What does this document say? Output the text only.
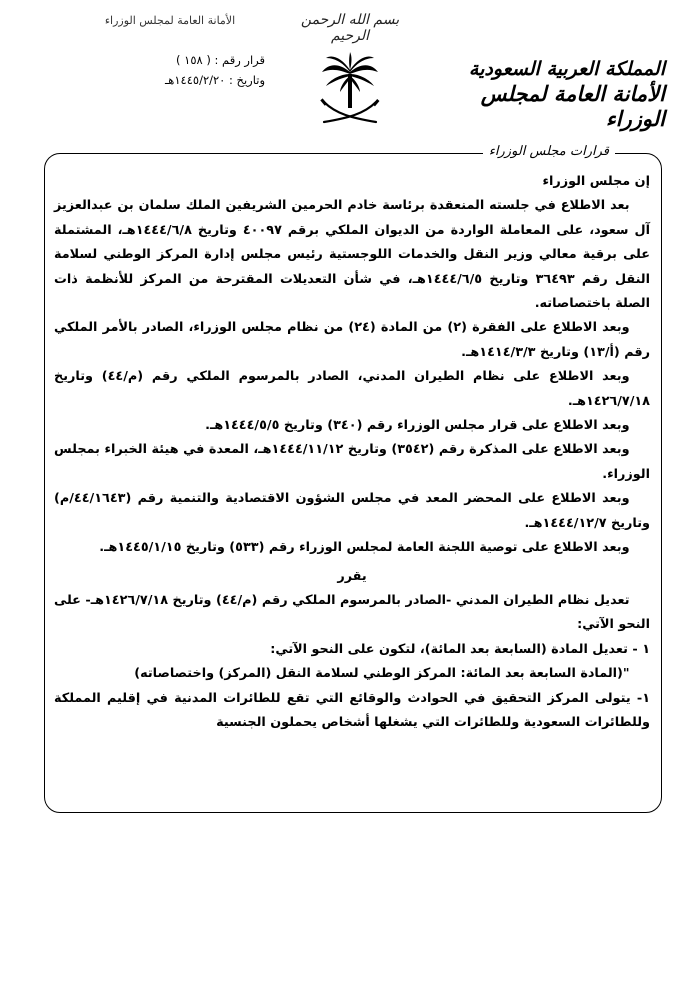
الأمانة العامة لمجلس الوزراء	بسم الله الرحمن الرحيم
المملكة العربية السعودية
الأمانة العامة لمجلس الوزراء
قرار رقم : ( ١٥٨ )
وتاريخ : ١٤٤٥/٢/٢٠هـ
قرارات مجلس الوزراء

إن مجلس الوزراء

بعد الاطلاع في جلسته المنعقدة برئاسة خادم الحرمين الشريفين الملك سلمان بن عبدالعزيز آل سعود، على المعاملة الواردة من الديوان الملكي برقم ٤٠٠٩٧ وتاريخ ١٤٤٤/٦/٨هـ، المشتملة على برقية معالي وزير النقل والخدمات اللوجستية رئيس مجلس إدارة المركز الوطني لسلامة النقل رقم ٣٦٤٩٣ وتاريخ ١٤٤٤/٦/٥هـ، في شأن التعديلات المقترحة من المركز للأنظمة ذات الصلة باختصاصاته.

وبعد الاطلاع على الفقرة (٢) من المادة (٢٤) من نظام مجلس الوزراء، الصادر بالأمر الملكي رقم (أ/١٣) وتاريخ ١٤١٤/٣/٣هـ.

وبعد الاطلاع على نظام الطيران المدني، الصادر بالمرسوم الملكي رقم (م/٤٤) وتاريخ ١٤٢٦/٧/١٨هـ.

وبعد الاطلاع على قرار مجلس الوزراء رقم (٣٤٠) وتاريخ ١٤٤٤/٥/٥هـ.

وبعد الاطلاع على المذكرة رقم (٣٥٤٢) وتاريخ ١٤٤٤/١١/١٢هـ، المعدة في هيئة الخبراء بمجلس الوزراء.

وبعد الاطلاع على المحضر المعد في مجلس الشؤون الاقتصادية والتنمية رقم (٤٤/١٦٤٣/م) وتاريخ ١٤٤٤/١٢/٧هـ.

وبعد الاطلاع على توصية اللجنة العامة لمجلس الوزراء رقم (٥٣٣) وتاريخ ١٤٤٥/١/١٥هـ.

يقرر

تعديل نظام الطيران المدني -الصادر بالمرسوم الملكي رقم (م/٤٤) وتاريخ ١٤٢٦/٧/١٨هـ- على النحو الآتي:

١ - تعديل المادة (السابعة بعد المائة)، لتكون على النحو الآتي:

"(المادة السابعة بعد المائة: المركز الوطني لسلامة النقل (المركز) واختصاصاته)

١- يتولى المركز التحقيق في الحوادث والوقائع التي تقع للطائرات المدنية في إقليم المملكة وللطائرات السعودية وللطائرات التي يشغلها أشخاص يحملون الجنسية
